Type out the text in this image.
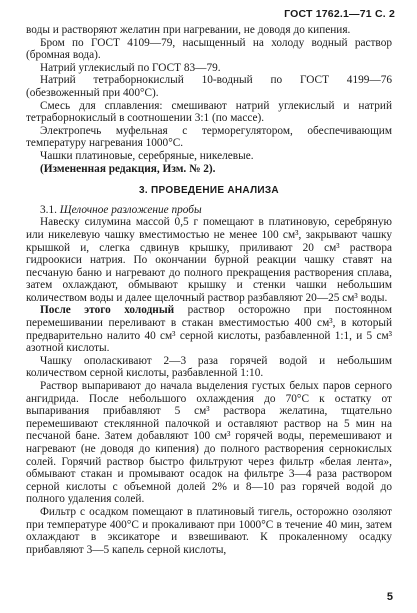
ГОСТ 1762.1—71 С. 2

воды и растворяют желатин при нагревании, не доводя до кипения.

Бром по ГОСТ 4109—79, насыщенный на холоду водный раствор (бромная вода).

Натрий углекислый по ГОСТ 83—79.

Натрий тетраборнокислый 10-водный по ГОСТ 4199—76 (обезвоженный при 400°С).

Смесь для сплавления: смешивают натрий углекислый и натрий тетраборнокислый в соотношении 3:1 (по массе).

Электропечь муфельная с терморегулятором, обеспечивающим температуру нагревания 1000°С.

Чашки платиновые, серебряные, никелевые.

(Измененная редакция, Изм. № 2).

3. ПРОВЕДЕНИЕ АНАЛИЗА

3.1. Щелочное разложение пробы

Навеску силумина массой 0,5 г помещают в платиновую, серебряную или никелевую чашку вместимостью не менее 100 см³, закрывают чашку крышкой и, слегка сдвинув крышку, приливают 20 см³ раствора гидроокиси натрия. По окончании бурной реакции чашку ставят на песчаную баню и нагревают до полного прекращения растворения сплава, затем охлаждают, обмывают крышку и стенки чашки небольшим количеством воды и далее щелочный раствор разбавляют 20—25 см³ воды.

После этого холодный раствор осторожно при постоянном перемешивании переливают в стакан вместимостью 400 см³, в который предварительно налито 40 см³ серной кислоты, разбавленной 1:1, и 5 см³ азотной кислоты.

Чашку ополаскивают 2—3 раза горячей водой и небольшим количеством серной кислоты, разбавленной 1:10.

Раствор выпаривают до начала выделения густых белых паров серного ангидрида. После небольшого охлаждения до 70°С к остатку от выпаривания прибавляют 5 см³ раствора желатина, тщательно перемешивают стеклянной палочкой и оставляют раствор на 5 мин на песчаной бане. Затем добавляют 100 см³ горячей воды, перемешивают и нагревают (не доводя до кипения) до полного растворения сернокислых солей. Горячий раствор быстро фильтруют через фильтр «белая лента», обмывают стакан и промывают осадок на фильтре 3—4 раза раствором серной кислоты с объемной долей 2% и 8—10 раз горячей водой до полного удаления солей.

Фильтр с осадком помещают в платиновый тигель, осторожно озоляют при температуре 400°С и прокаливают при 1000°С в течение 40 мин, затем охлаждают в эксикаторе и взвешивают. К прокаленному осадку прибавляют 3—5 капель серной кислоты,

5
